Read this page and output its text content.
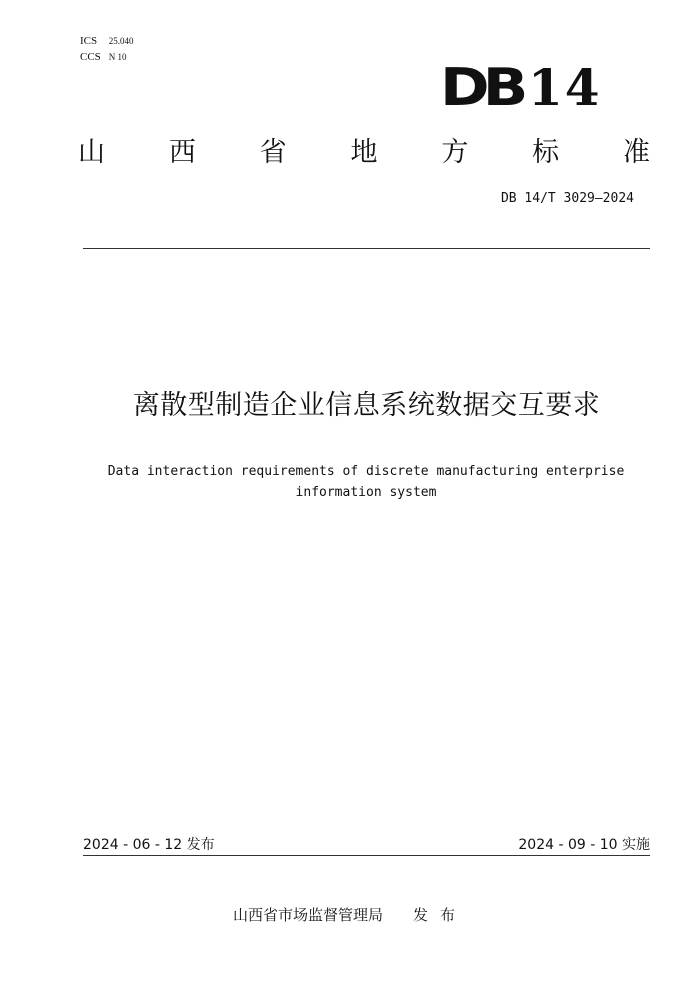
ICS 25.040
CCS N 10
DB 14
山 西 省 地 方 标 准
DB 14/T 3029—2024
离散型制造企业信息系统数据交互要求
Data interaction requirements of discrete manufacturing enterprise
information system
2024 - 06 - 12 发布	2024 - 09 - 10 实施
山西省市场监督管理局 发布
